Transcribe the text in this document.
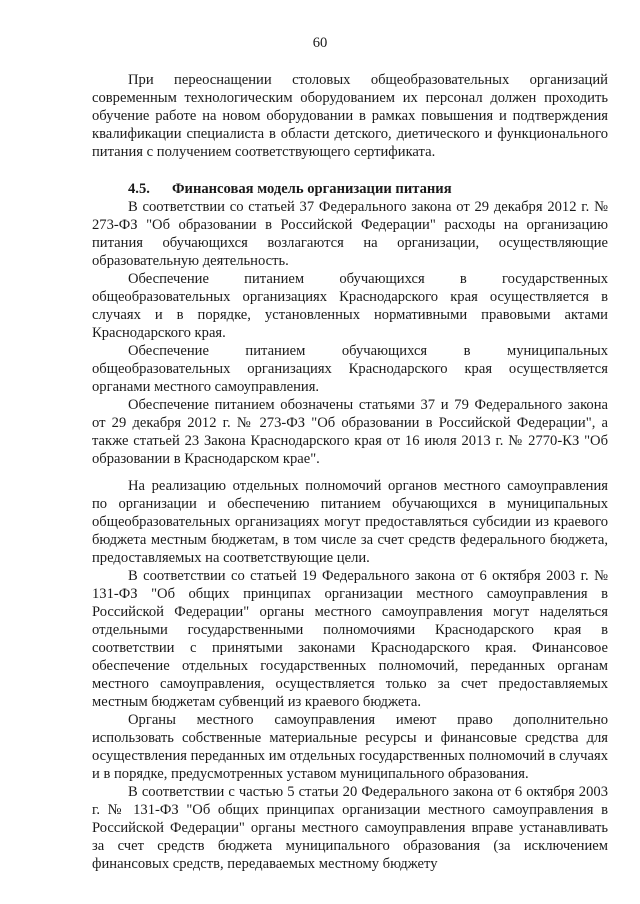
60

При переоснащении столовых общеобразовательных организаций современным технологическим оборудованием их персонал должен проходить обучение работе на новом оборудовании в рамках повышения и подтверждения квалификации специалиста в области детского, диетического и функционального питания с получением соответствующего сертификата.

4.5.	Финансовая модель организации питания

В соответствии со статьей 37 Федерального закона от 29 декабря 2012 г. № 273-ФЗ "Об образовании в Российской Федерации" расходы на организацию питания обучающихся возлагаются на организации, осуществляющие образовательную деятельность.

Обеспечение питанием обучающихся в государственных общеобразовательных организациях Краснодарского края осуществляется в случаях и в порядке, установленных нормативными правовыми актами Краснодарского края.

Обеспечение питанием обучающихся в муниципальных общеобразовательных организациях Краснодарского края осуществляется органами местного самоуправления.

Обеспечение питанием обозначены статьями 37 и 79 Федерального закона от 29 декабря 2012 г. № 273-ФЗ "Об образовании в Российской Федерации", а также статьей 23 Закона Краснодарского края от 16 июля 2013 г. № 2770-КЗ "Об образовании в Краснодарском крае".

На реализацию отдельных полномочий органов местного самоуправления по организации и обеспечению питанием обучающихся в муниципальных общеобразовательных организациях могут предоставляться субсидии из краевого бюджета местным бюджетам, в том числе за счет средств федерального бюджета, предоставляемых на соответствующие цели.

В соответствии со статьей 19 Федерального закона от 6 октября 2003 г. № 131-ФЗ "Об общих принципах организации местного самоуправления в Российской Федерации" органы местного самоуправления могут наделяться отдельными государственными полномочиями Краснодарского края в соответствии с принятыми законами Краснодарского края. Финансовое обеспечение отдельных государственных полномочий, переданных органам местного самоуправления, осуществляется только за счет предоставляемых местным бюджетам субвенций из краевого бюджета.

Органы местного самоуправления имеют право дополнительно использовать собственные материальные ресурсы и финансовые средства для осуществления переданных им отдельных государственных полномочий в случаях и в порядке, предусмотренных уставом муниципального образования.

В соответствии с частью 5 статьи 20 Федерального закона от 6 октября 2003 г. № 131-ФЗ "Об общих принципах организации местного самоуправления в Российской Федерации" органы местного самоуправления вправе устанавливать за счет средств бюджета муниципального образования (за исключением финансовых средств, передаваемых местному бюджету
